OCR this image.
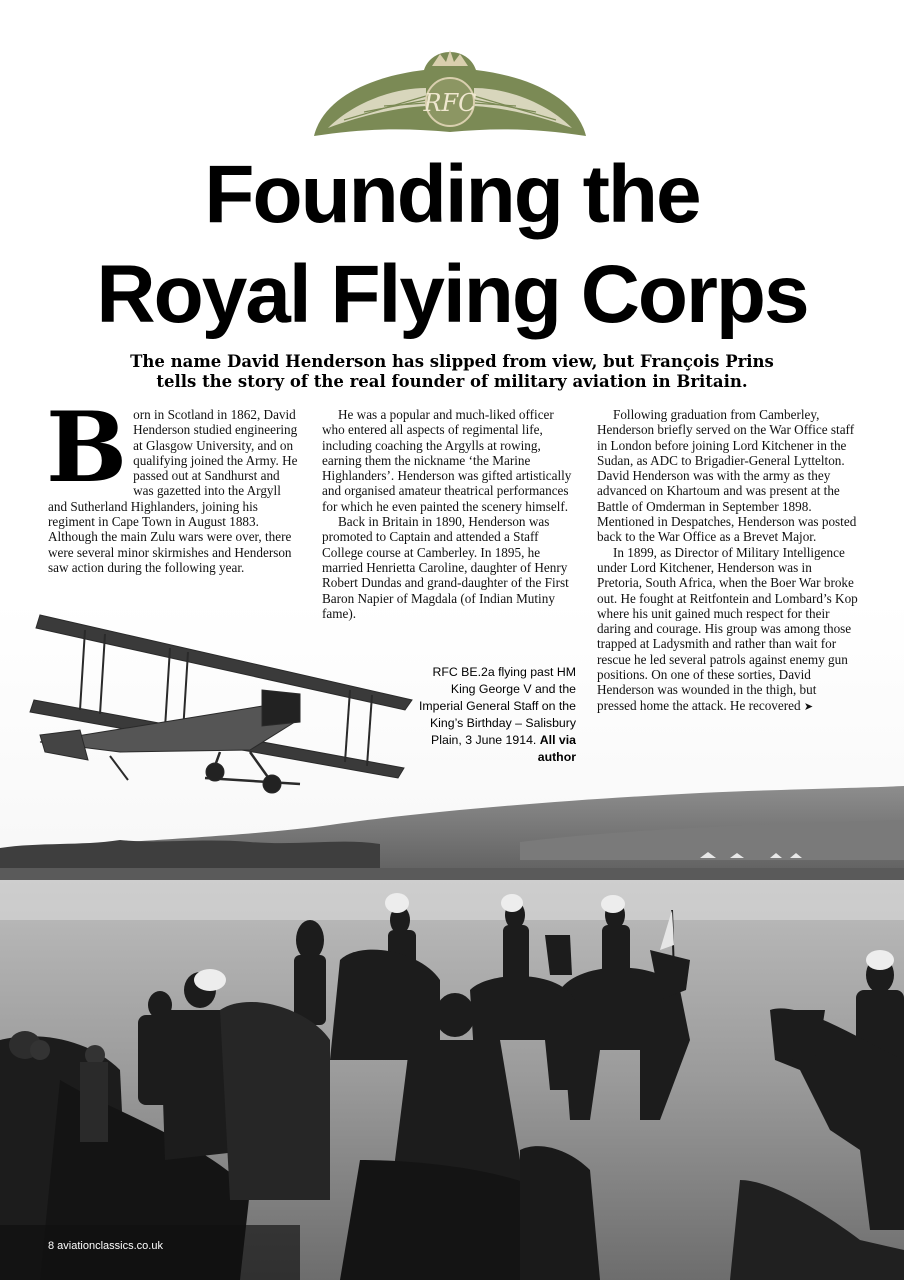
RFC
Founding the
Royal Flying Corps
The name David Henderson has slipped from view, but François Prins
tells the story of the real founder of military aviation in Britain.

Born in Scotland in 1862, David Henderson studied engineering at Glasgow University, and on qualifying joined the Army. He passed out at Sandhurst and was gazetted into the Argyll and Sutherland Highlanders, joining his regiment in Cape Town in August 1883. Although the main Zulu wars were over, there were several minor skirmishes and Henderson saw action during the following year.

He was a popular and much-liked officer who entered all aspects of regimental life, including coaching the Argylls at rowing, earning them the nickname ‘the Marine Highlanders’. Henderson was gifted artistically and organised amateur theatrical performances for which he even painted the scenery himself.

Back in Britain in 1890, Henderson was promoted to Captain and attended a Staff College course at Camberley. In 1895, he married Henrietta Caroline, daughter of Henry Robert Dundas and grand-daughter of the First Baron Napier of Magdala (of Indian Mutiny fame).

Following graduation from Camberley, Henderson briefly served on the War Office staff in London before joining Lord Kitchener in the Sudan, as ADC to Brigadier-General Lyttelton. David Henderson was with the army as they advanced on Khartoum and was present at the Battle of Omderman in September 1898. Mentioned in Despatches, Henderson was posted back to the War Office as a Brevet Major.

In 1899, as Director of Military Intelligence under Lord Kitchener, Henderson was in Pretoria, South Africa, when the Boer War broke out. He fought at Reitfontein and Lombard’s Kop where his unit gained much respect for their daring and courage. His group was among those trapped at Ladysmith and rather than wait for rescue he led several patrols against enemy gun positions. On one of these sorties, David Henderson was wounded in the thigh, but pressed home the attack. He recovered ➤

RFC BE.2a flying past HM King George V and the Imperial General Staff on the King’s Birthday – Salisbury Plain, 3 June 1914. All via author
8 aviationclassics.co.uk
